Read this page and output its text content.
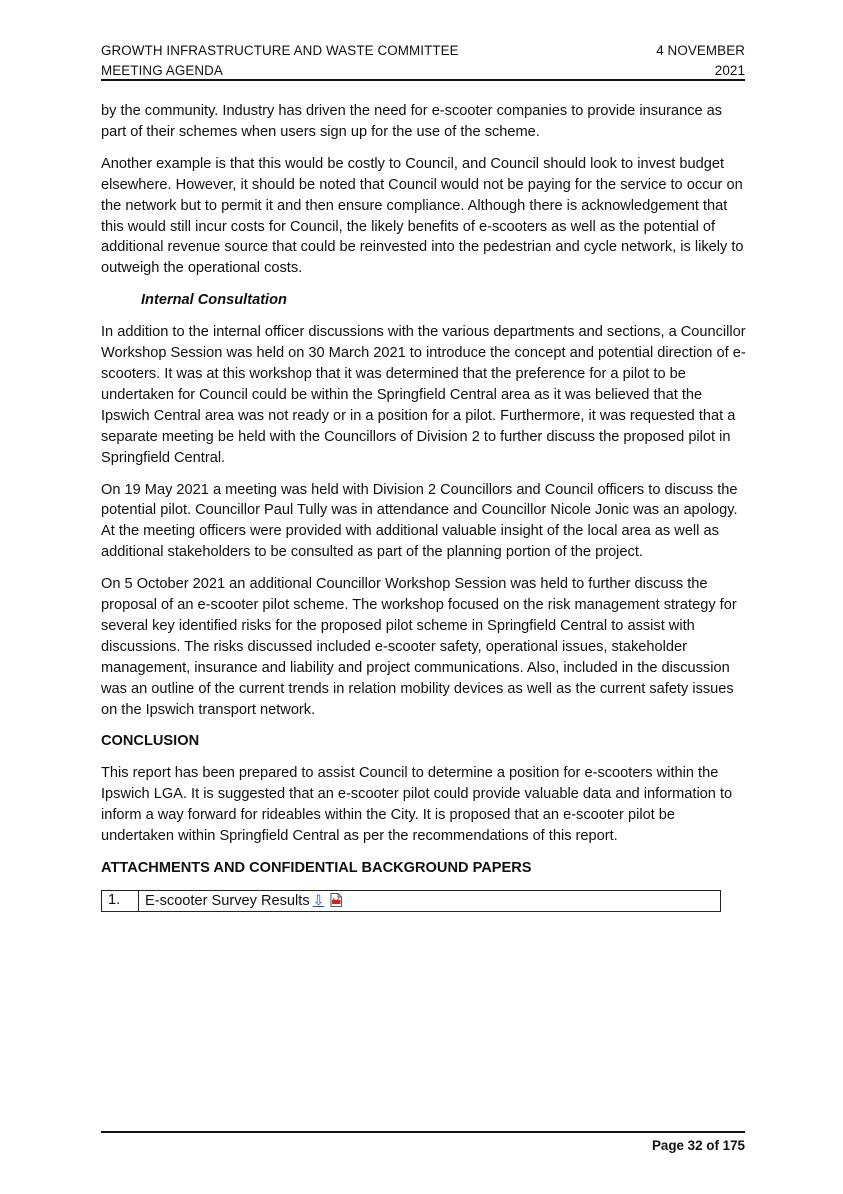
GROWTH INFRASTRUCTURE AND WASTE COMMITTEE
MEETING AGENDA
4 NOVEMBER
2021

by the community. Industry has driven the need for e-scooter companies to provide insurance as part of their schemes when users sign up for the use of the scheme.

Another example is that this would be costly to Council, and Council should look to invest budget elsewhere. However, it should be noted that Council would not be paying for the service to occur on the network but to permit it and then ensure compliance. Although there is acknowledgement that this would still incur costs for Council, the likely benefits of e-scooters as well as the potential of additional revenue source that could be reinvested into the pedestrian and cycle network, is likely to outweigh the operational costs.

Internal Consultation

In addition to the internal officer discussions with the various departments and sections, a Councillor Workshop Session was held on 30 March 2021 to introduce the concept and potential direction of e-scooters. It was at this workshop that it was determined that the preference for a pilot to be undertaken for Council could be within the Springfield Central area as it was believed that the Ipswich Central area was not ready or in a position for a pilot. Furthermore, it was requested that a separate meeting be held with the Councillors of Division 2 to further discuss the proposed pilot in Springfield Central.

On 19 May 2021 a meeting was held with Division 2 Councillors and Council officers to discuss the potential pilot. Councillor Paul Tully was in attendance and Councillor Nicole Jonic was an apology. At the meeting officers were provided with additional valuable insight of the local area as well as additional stakeholders to be consulted as part of the planning portion of the project.

On 5 October 2021 an additional Councillor Workshop Session was held to further discuss the proposal of an e-scooter pilot scheme. The workshop focused on the risk management strategy for several key identified risks for the proposed pilot scheme in Springfield Central to assist with discussions. The risks discussed included e-scooter safety, operational issues, stakeholder management, insurance and liability and project communications. Also, included in the discussion was an outline of the current trends in relation mobility devices as well as the current safety issues on the Ipswich transport network.

CONCLUSION

This report has been prepared to assist Council to determine a position for e-scooters within the Ipswich LGA. It is suggested that an e-scooter pilot could provide valuable data and information to inform a way forward for rideables within the City. It is proposed that an e-scooter pilot be undertaken within Springfield Central as per the recommendations of this report.

ATTACHMENTS AND CONFIDENTIAL BACKGROUND PAPERS

1.	E-scooter Survey Results ⇩
Page 32 of 175
